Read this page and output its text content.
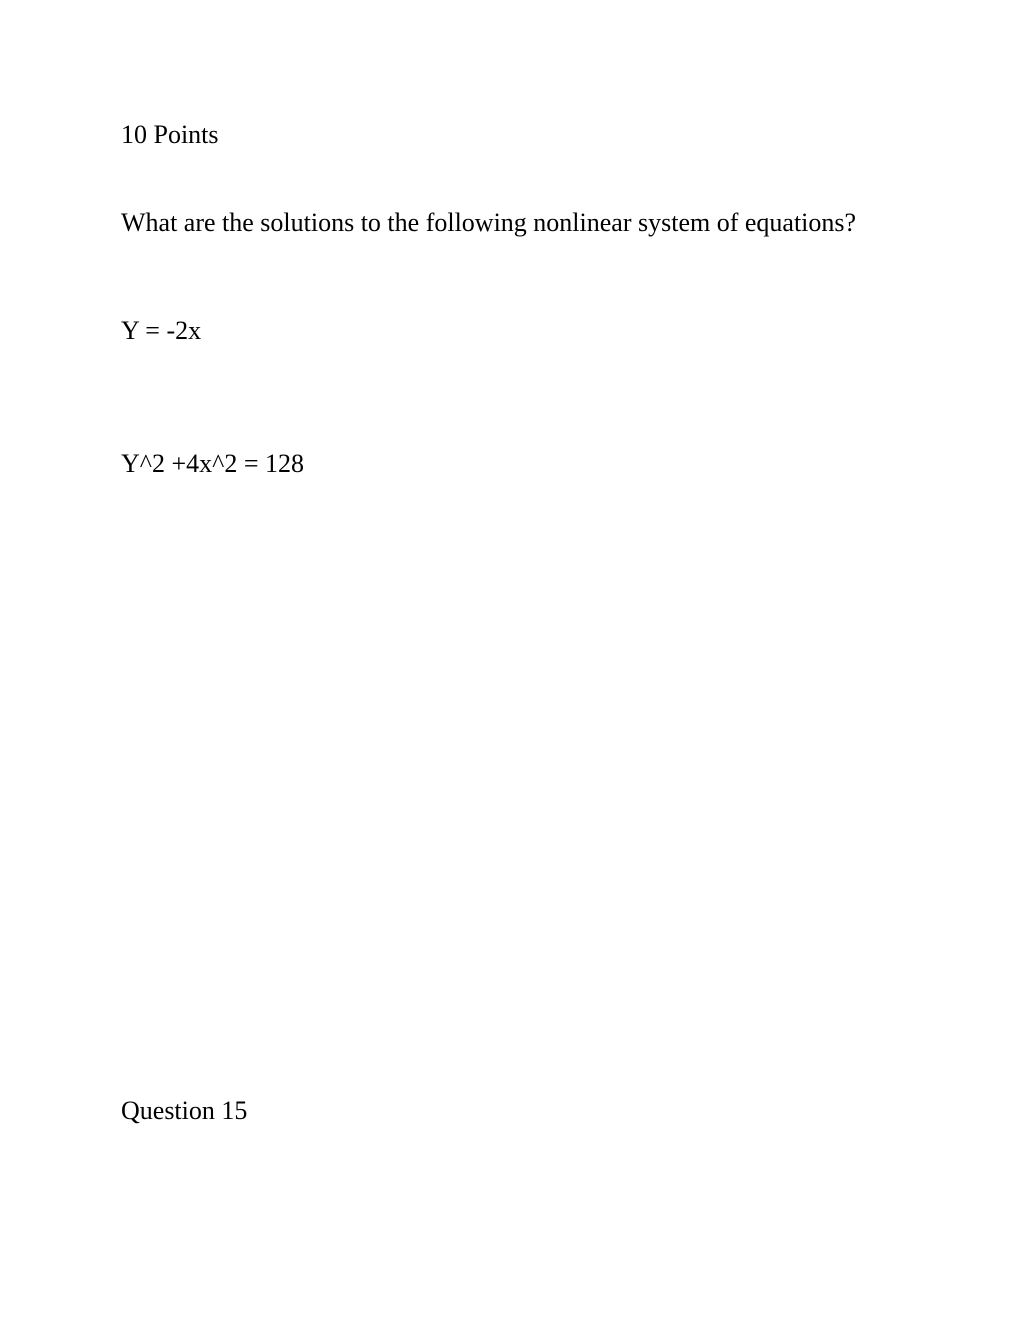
10 Points

What are the solutions to the following nonlinear system of equations?

Y = -2x

Y^2 +4x^2 = 128

Question 15
